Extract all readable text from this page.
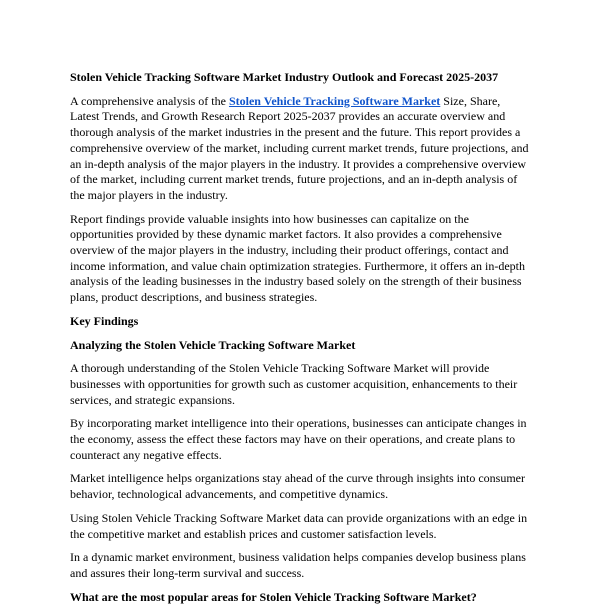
Stolen Vehicle Tracking Software Market Industry Outlook and Forecast 2025-2037

A comprehensive analysis of the Stolen Vehicle Tracking Software Market Size, Share, Latest Trends, and Growth Research Report 2025-2037 provides an accurate overview and thorough analysis of the market industries in the present and the future. This report provides a comprehensive overview of the market, including current market trends, future projections, and an in-depth analysis of the major players in the industry. It provides a comprehensive overview of the market, including current market trends, future projections, and an in-depth analysis of the major players in the industry.

Report findings provide valuable insights into how businesses can capitalize on the opportunities provided by these dynamic market factors. It also provides a comprehensive overview of the major players in the industry, including their product offerings, contact and income information, and value chain optimization strategies. Furthermore, it offers an in-depth analysis of the leading businesses in the industry based solely on the strength of their business plans, product descriptions, and business strategies.

Key Findings
Analyzing the Stolen Vehicle Tracking Software Market

A thorough understanding of the Stolen Vehicle Tracking Software Market will provide businesses with opportunities for growth such as customer acquisition, enhancements to their services, and strategic expansions.

By incorporating market intelligence into their operations, businesses can anticipate changes in the economy, assess the effect these factors may have on their operations, and create plans to counteract any negative effects.

Market intelligence helps organizations stay ahead of the curve through insights into consumer behavior, technological advancements, and competitive dynamics.

Using Stolen Vehicle Tracking Software Market data can provide organizations with an edge in the competitive market and establish prices and customer satisfaction levels.

In a dynamic market environment, business validation helps companies develop business plans and assures their long-term survival and success.

What are the most popular areas for Stolen Vehicle Tracking Software Market?
